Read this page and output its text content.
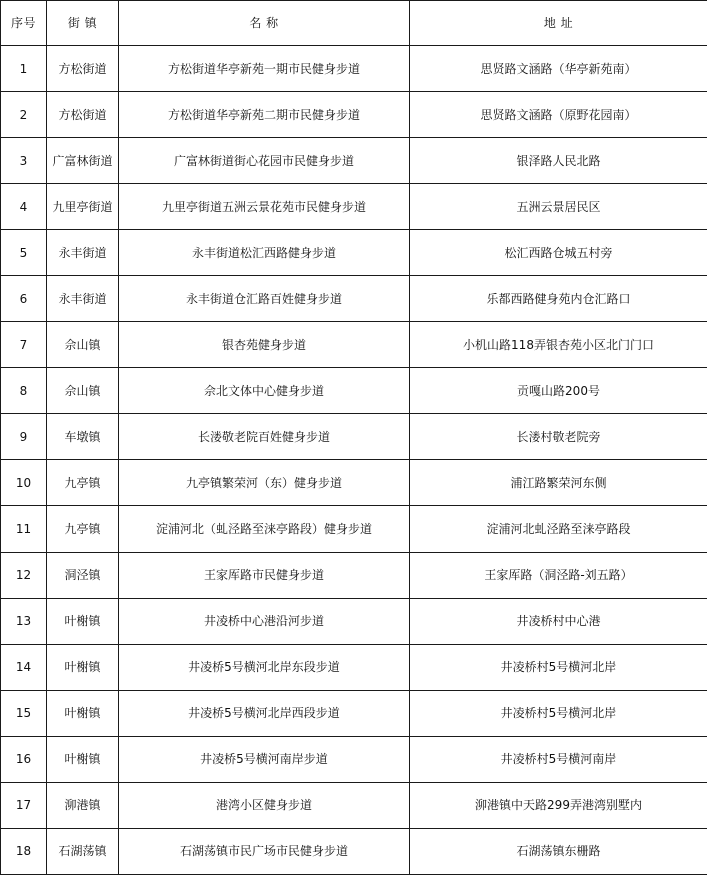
序号	街 镇	名 称	地 址
1	方松街道	方松街道华亭新苑一期市民健身步道	思贤路文涵路（华亭新苑南）
2	方松街道	方松街道华亭新苑二期市民健身步道	思贤路文涵路（原野花园南）
3	广富林街道	广富林街道街心花园市民健身步道	银泽路人民北路
4	九里亭街道	九里亭街道五洲云景花苑市民健身步道	五洲云景居民区
5	永丰街道	永丰街道松汇西路健身步道	松汇西路仓城五村旁
6	永丰街道	永丰街道仓汇路百姓健身步道	乐都西路健身苑内仓汇路口
7	佘山镇	银杏苑健身步道	小机山路118弄银杏苑小区北门门口
8	佘山镇	佘北文体中心健身步道	贡嘎山路200号
9	车墩镇	长溇敬老院百姓健身步道	长溇村敬老院旁
10	九亭镇	九亭镇繁荣河（东）健身步道	浦江路繁荣河东侧
11	九亭镇	淀浦河北（虬泾路至涞亭路段）健身步道	淀浦河北虬泾路至涞亭路段
12	洞泾镇	王家厍路市民健身步道	王家厍路（洞泾路-刘五路）
13	叶榭镇	井凌桥中心港沿河步道	井凌桥村中心港
14	叶榭镇	井凌桥5号横河北岸东段步道	井凌桥村5号横河北岸
15	叶榭镇	井凌桥5号横河北岸西段步道	井凌桥村5号横河北岸
16	叶榭镇	井凌桥5号横河南岸步道	井凌桥村5号横河南岸
17	泖港镇	港湾小区健身步道	泖港镇中天路299弄港湾别墅内
18	石湖荡镇	石湖荡镇市民广场市民健身步道	石湖荡镇东栅路
